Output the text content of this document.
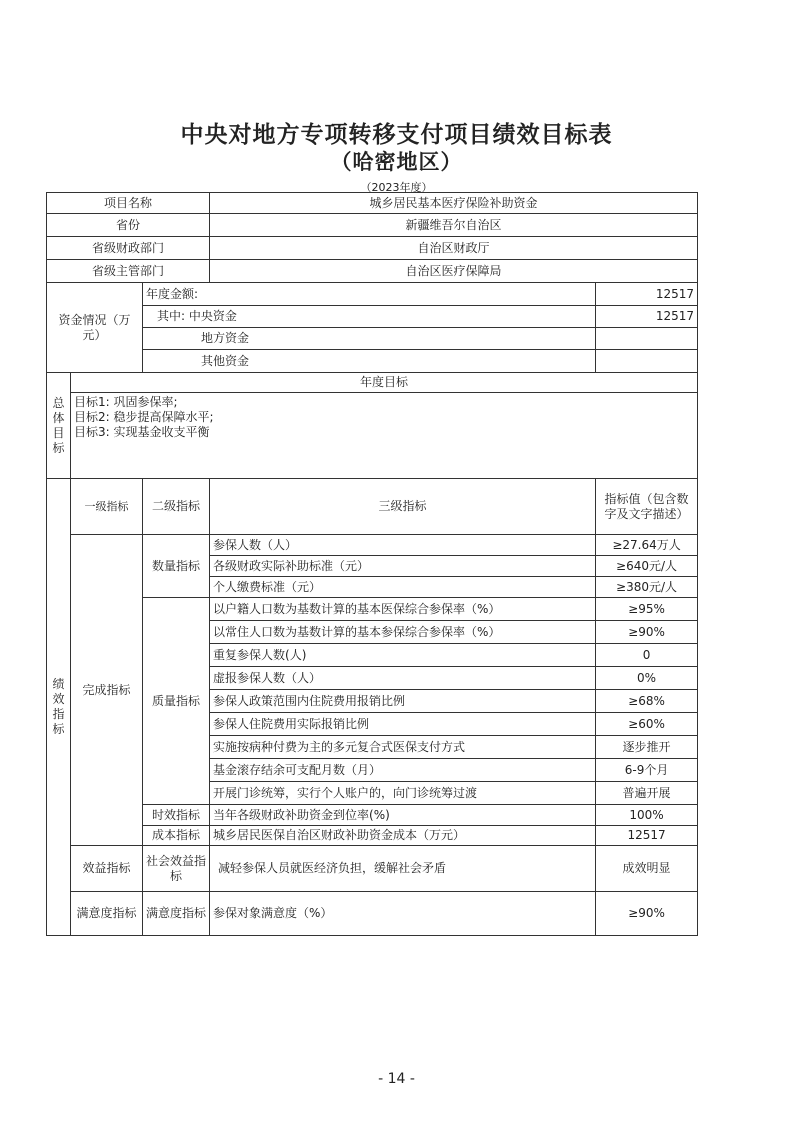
中央对地方专项转移支付项目绩效目标表
（哈密地区）
（2023年度）
项目名称			城乡居民基本医疗保险补助资金	
省份			新疆维吾尔自治区	
省级财政部门			自治区财政厅	
省级主管部门			自治区医疗保障局	
资金情况（万元）		年度金额:		12517
		其中: 中央资金		12517
		地方资金		
		其他资金		
总体目标	年度目标			

	目标1: 巩固参保率;
目标2: 稳步提高保障水平;
目标3: 实现基金收支平衡			

绩效指标	一级指标	二级指标	三级指标	指标值（包含数字及文字描述）
	完成指标	数量指标	参保人数（人）	≥27.64万人
			各级财政实际补助标准（元）	≥640元/人
			个人缴费标准（元）	≥380元/人
		质量指标	以户籍人口数为基数计算的基本医保综合参保率（%）	≥95%
			以常住人口数为基数计算的基本参保综合参保率（%）	≥90%
			重复参保人数(人)	0
			虚报参保人数（人）	0%
			参保人政策范围内住院费用报销比例	≥68%
			参保人住院费用实际报销比例	≥60%
			实施按病种付费为主的多元复合式医保支付方式	逐步推开
			基金滚存结余可支配月数（月）	6-9个月
			开展门诊统筹，实行个人账户的，向门诊统筹过渡	普遍开展
		时效指标	当年各级财政补助资金到位率(%)	100%
		成本指标	城乡居民医保自治区财政补助资金成本（万元）	12517
	效益指标	社会效益指标	减轻参保人员就医经济负担，缓解社会矛盾	成效明显
	满意度指标	满意度指标	参保对象满意度（%）	≥90%
- 14 -
